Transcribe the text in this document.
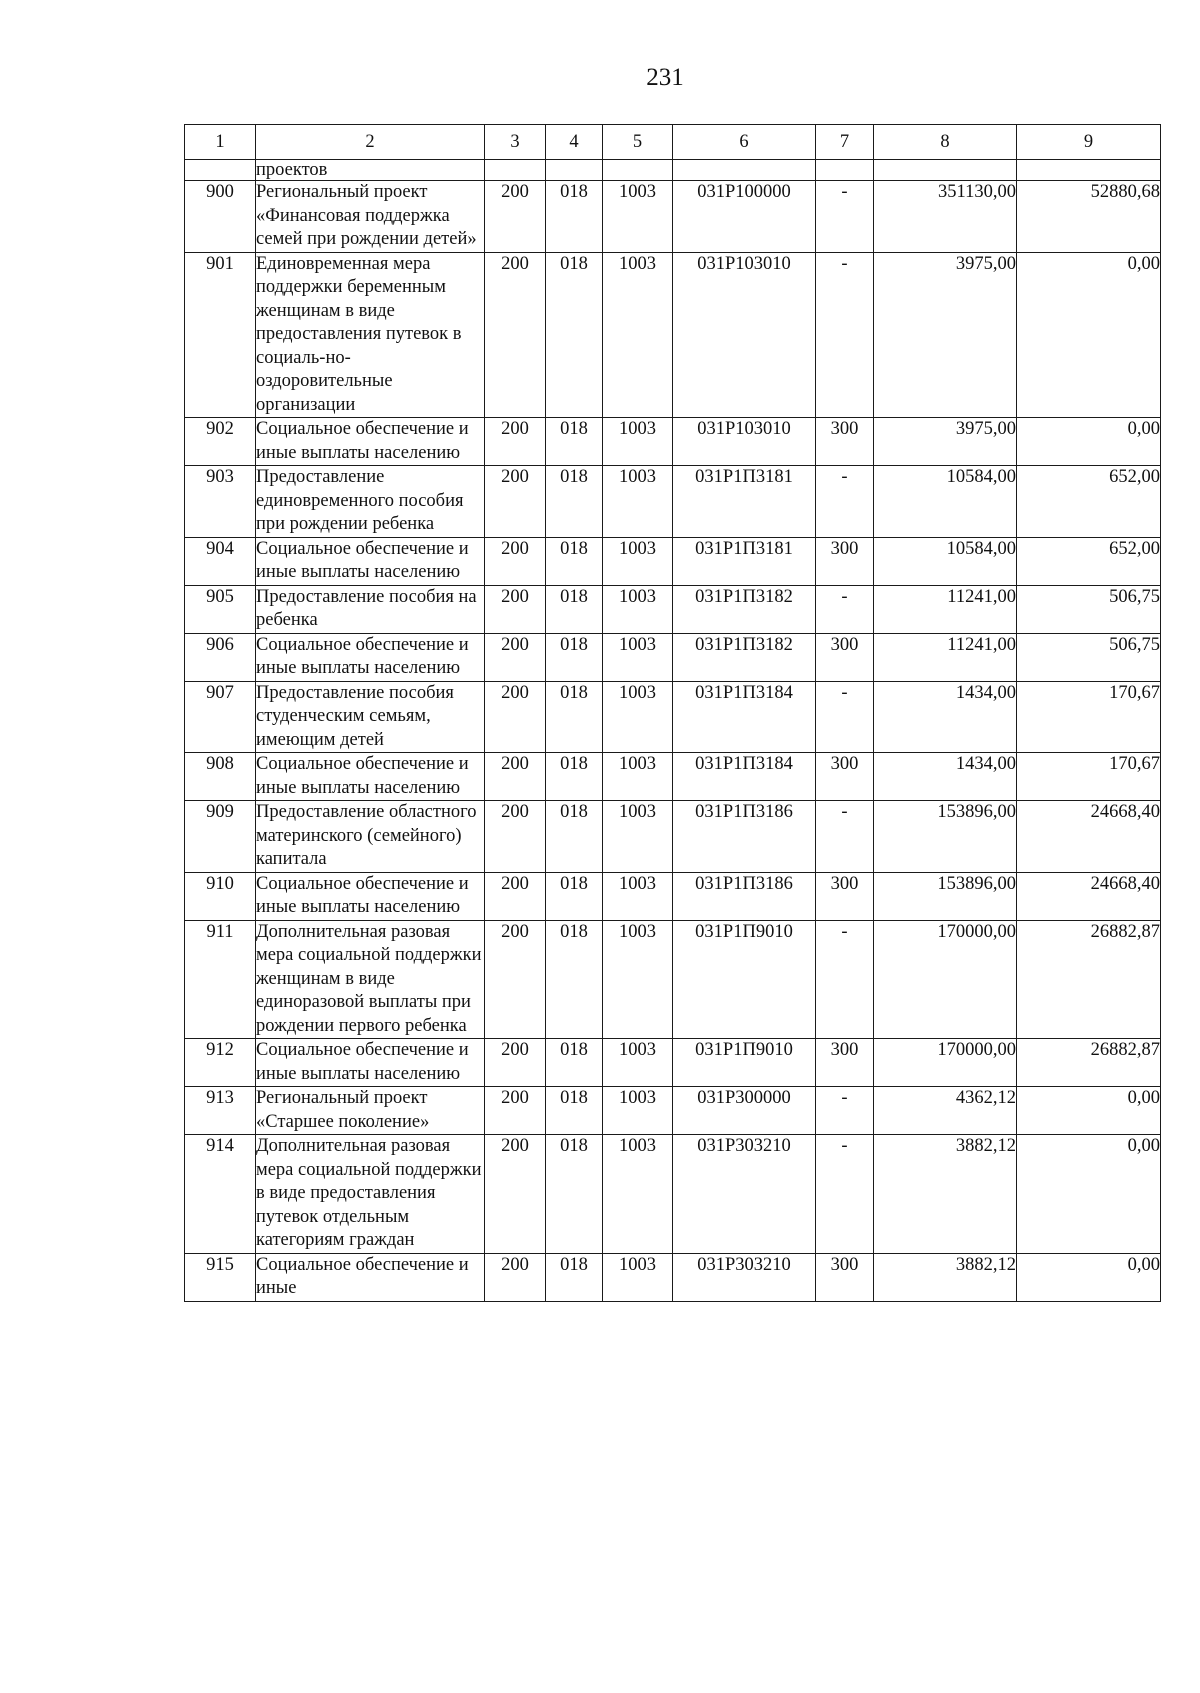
231
1	2	3	4	5	6	7	8	9
	проектов							
900	Региональный проект «Финансовая поддержка семей при рождении детей»	200	018	1003	031P100000	-	351130,00	52880,68
901	Единовременная мера поддержки беременным женщинам в виде предоставления путевок в социаль-но-оздоровительные организации	200	018	1003	031P103010	-	3975,00	0,00
902	Социальное обеспечение и иные выплаты населению	200	018	1003	031P103010	300	3975,00	0,00
903	Предоставление единовременного пособия при рождении ребенка	200	018	1003	031P1П3181	-	10584,00	652,00
904	Социальное обеспечение и иные выплаты населению	200	018	1003	031P1П3181	300	10584,00	652,00
905	Предоставление пособия на ребенка	200	018	1003	031P1П3182	-	11241,00	506,75
906	Социальное обеспечение и иные выплаты населению	200	018	1003	031P1П3182	300	11241,00	506,75
907	Предоставление пособия студенческим семьям, имеющим детей	200	018	1003	031P1П3184	-	1434,00	170,67
908	Социальное обеспечение и иные выплаты населению	200	018	1003	031P1П3184	300	1434,00	170,67
909	Предоставление областного материнского (семейного) капитала	200	018	1003	031P1П3186	-	153896,00	24668,40
910	Социальное обеспечение и иные выплаты населению	200	018	1003	031P1П3186	300	153896,00	24668,40
911	Дополнительная разовая мера социальной поддержки женщинам в виде единоразовой выплаты при рождении первого ребенка	200	018	1003	031P1П9010	-	170000,00	26882,87
912	Социальное обеспечение и иные выплаты населению	200	018	1003	031P1П9010	300	170000,00	26882,87
913	Региональный проект «Старшее поколение»	200	018	1003	031P300000	-	4362,12	0,00
914	Дополнительная разовая мера социальной поддержки в виде предоставления путевок отдельным категориям граждан	200	018	1003	031P303210	-	3882,12	0,00
915	Социальное обеспечение и иные	200	018	1003	031P303210	300	3882,12	0,00
